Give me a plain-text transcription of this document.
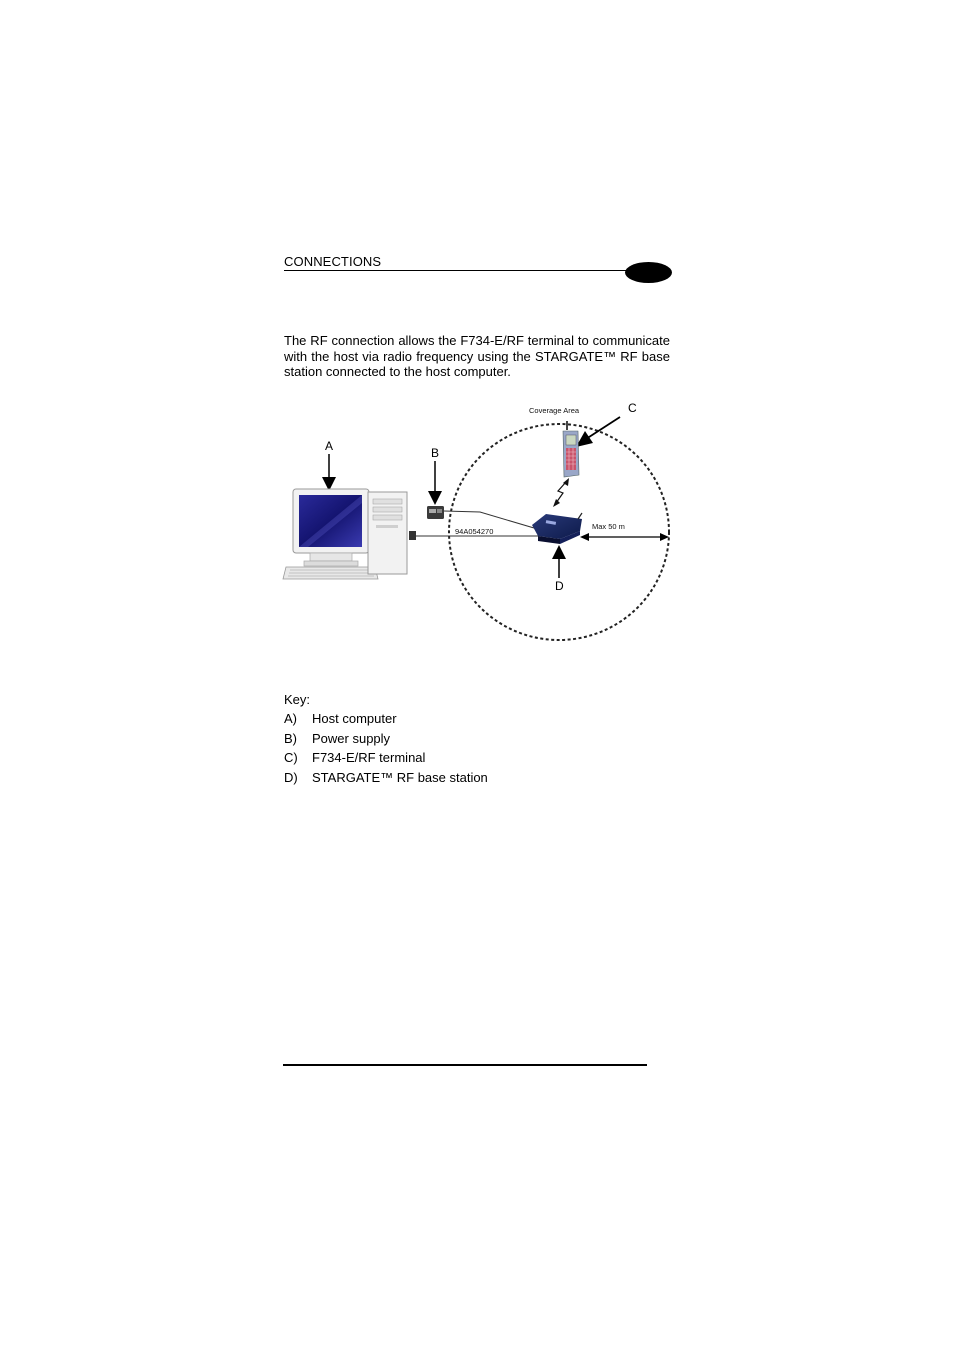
CONNECTIONS

The RF connection allows the F734-E/RF terminal to communicate with the host via radio frequency using the STARGATE™ RF base station connected to the host computer.

Coverage Area
A	B
C
D
94A054270
Max 50 m
Key:
A) Host computer
B) Power supply
C) F734-E/RF terminal
D) STARGATE™ RF base station
